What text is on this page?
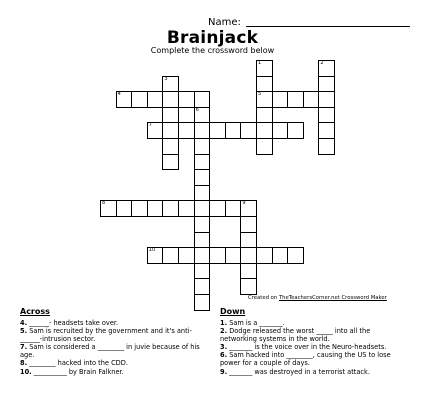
Name:
Brainjack
Complete the crossword below
1
5
2
3
4
6
7
8	9
10
Created on TheTeachersCorner.net Crossword Maker
Across
4. ______- headsets take over.
5. Sam is recruited by the government and it's anti-______-intrusion sector.
7. Sam is considered a ________ in juvie because of his age.
8. ________ hacked into the CDD.
10. __________ by Brain Falkner.
Down
1. Sam is a _______.
2. Dodge released the worst _____ into all the networking systems in the world.
3. _______ is the voice over in the Neuro-headsets.
6. Sam hacked into ________, causing the US to lose power for a couple of days.
9. _______ was destroyed in a terrorist attack.
